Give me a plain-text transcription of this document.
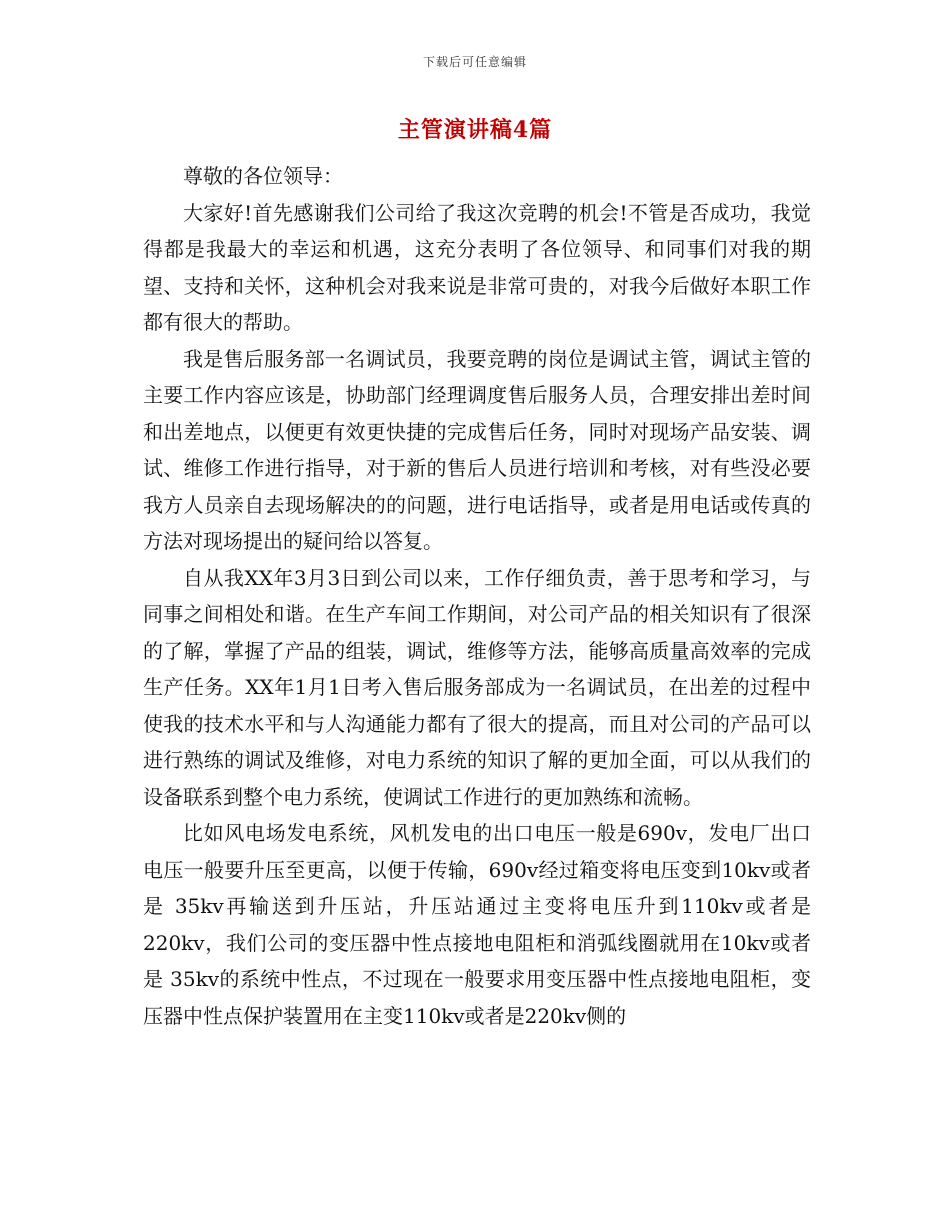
下载后可任意编辑
主管演讲稿4篇

尊敬的各位领导：

大家好!首先感谢我们公司给了我这次竞聘的机会!不管是否成功，我觉得都是我最大的幸运和机遇，这充分表明了各位领导、和同事们对我的期望、支持和关怀，这种机会对我来说是非常可贵的，对我今后做好本职工作都有很大的帮助。

我是售后服务部一名调试员，我要竞聘的岗位是调试主管，调试主管的主要工作内容应该是，协助部门经理调度售后服务人员，合理安排出差时间和出差地点，以便更有效更快捷的完成售后任务，同时对现场产品安装、调试、维修工作进行指导，对于新的售后人员进行培训和考核，对有些没必要我方人员亲自去现场解决的的问题，进行电话指导，或者是用电话或传真的方法对现场提出的疑问给以答复。

自从我XX年3月3日到公司以来，工作仔细负责，善于思考和学习，与同事之间相处和谐。在生产车间工作期间，对公司产品的相关知识有了很深的了解，掌握了产品的组装，调试，维修等方法，能够高质量高效率的完成生产任务。XX年1月1日考入售后服务部成为一名调试员，在出差的过程中使我的技术水平和与人沟通能力都有了很大的提高，而且对公司的产品可以进行熟练的调试及维修，对电力系统的知识了解的更加全面，可以从我们的设备联系到整个电力系统，使调试工作进行的更加熟练和流畅。

比如风电场发电系统，风机发电的出口电压一般是690v，发电厂出口电压一般要升压至更高，以便于传输，690v经过箱变将电压变到10kv或者是 35kv再输送到升压站，升压站通过主变将电压升到110kv或者是220kv，我们公司的变压器中性点接地电阻柜和消弧线圈就用在10kv或者是 35kv的系统中性点，不过现在一般要求用变压器中性点接地电阻柜，变压器中性点保护装置用在主变110kv或者是220kv侧的
